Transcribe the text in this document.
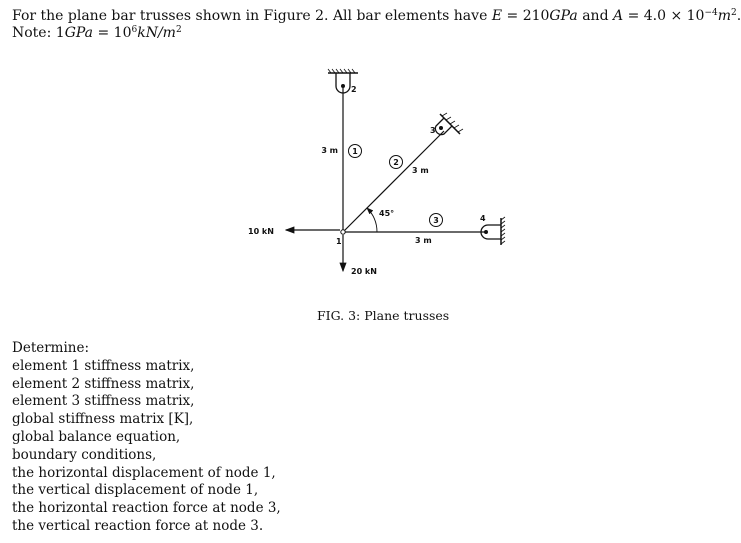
For the plane bar trusses shown in Figure 2. All bar elements have E = 210GPa and $A = 4.0 \times 10^{-4}m^2$.
Note: $1GPa = 10^6kN/m^2$
1
2
3
3 m
3 m
3 m
45°
2
3
4
1
10 kN
20 kN
FIG. 3: Plane trusses
Determine:
element 1 stiffness matrix,
element 2 stiffness matrix,
element 3 stiffness matrix,
global stiffness matrix [K],
global balance equation,
boundary conditions,
the horizontal displacement of node 1,
the vertical displacement of node 1,
the horizontal reaction force at node 3,
the vertical reaction force at node 3.
